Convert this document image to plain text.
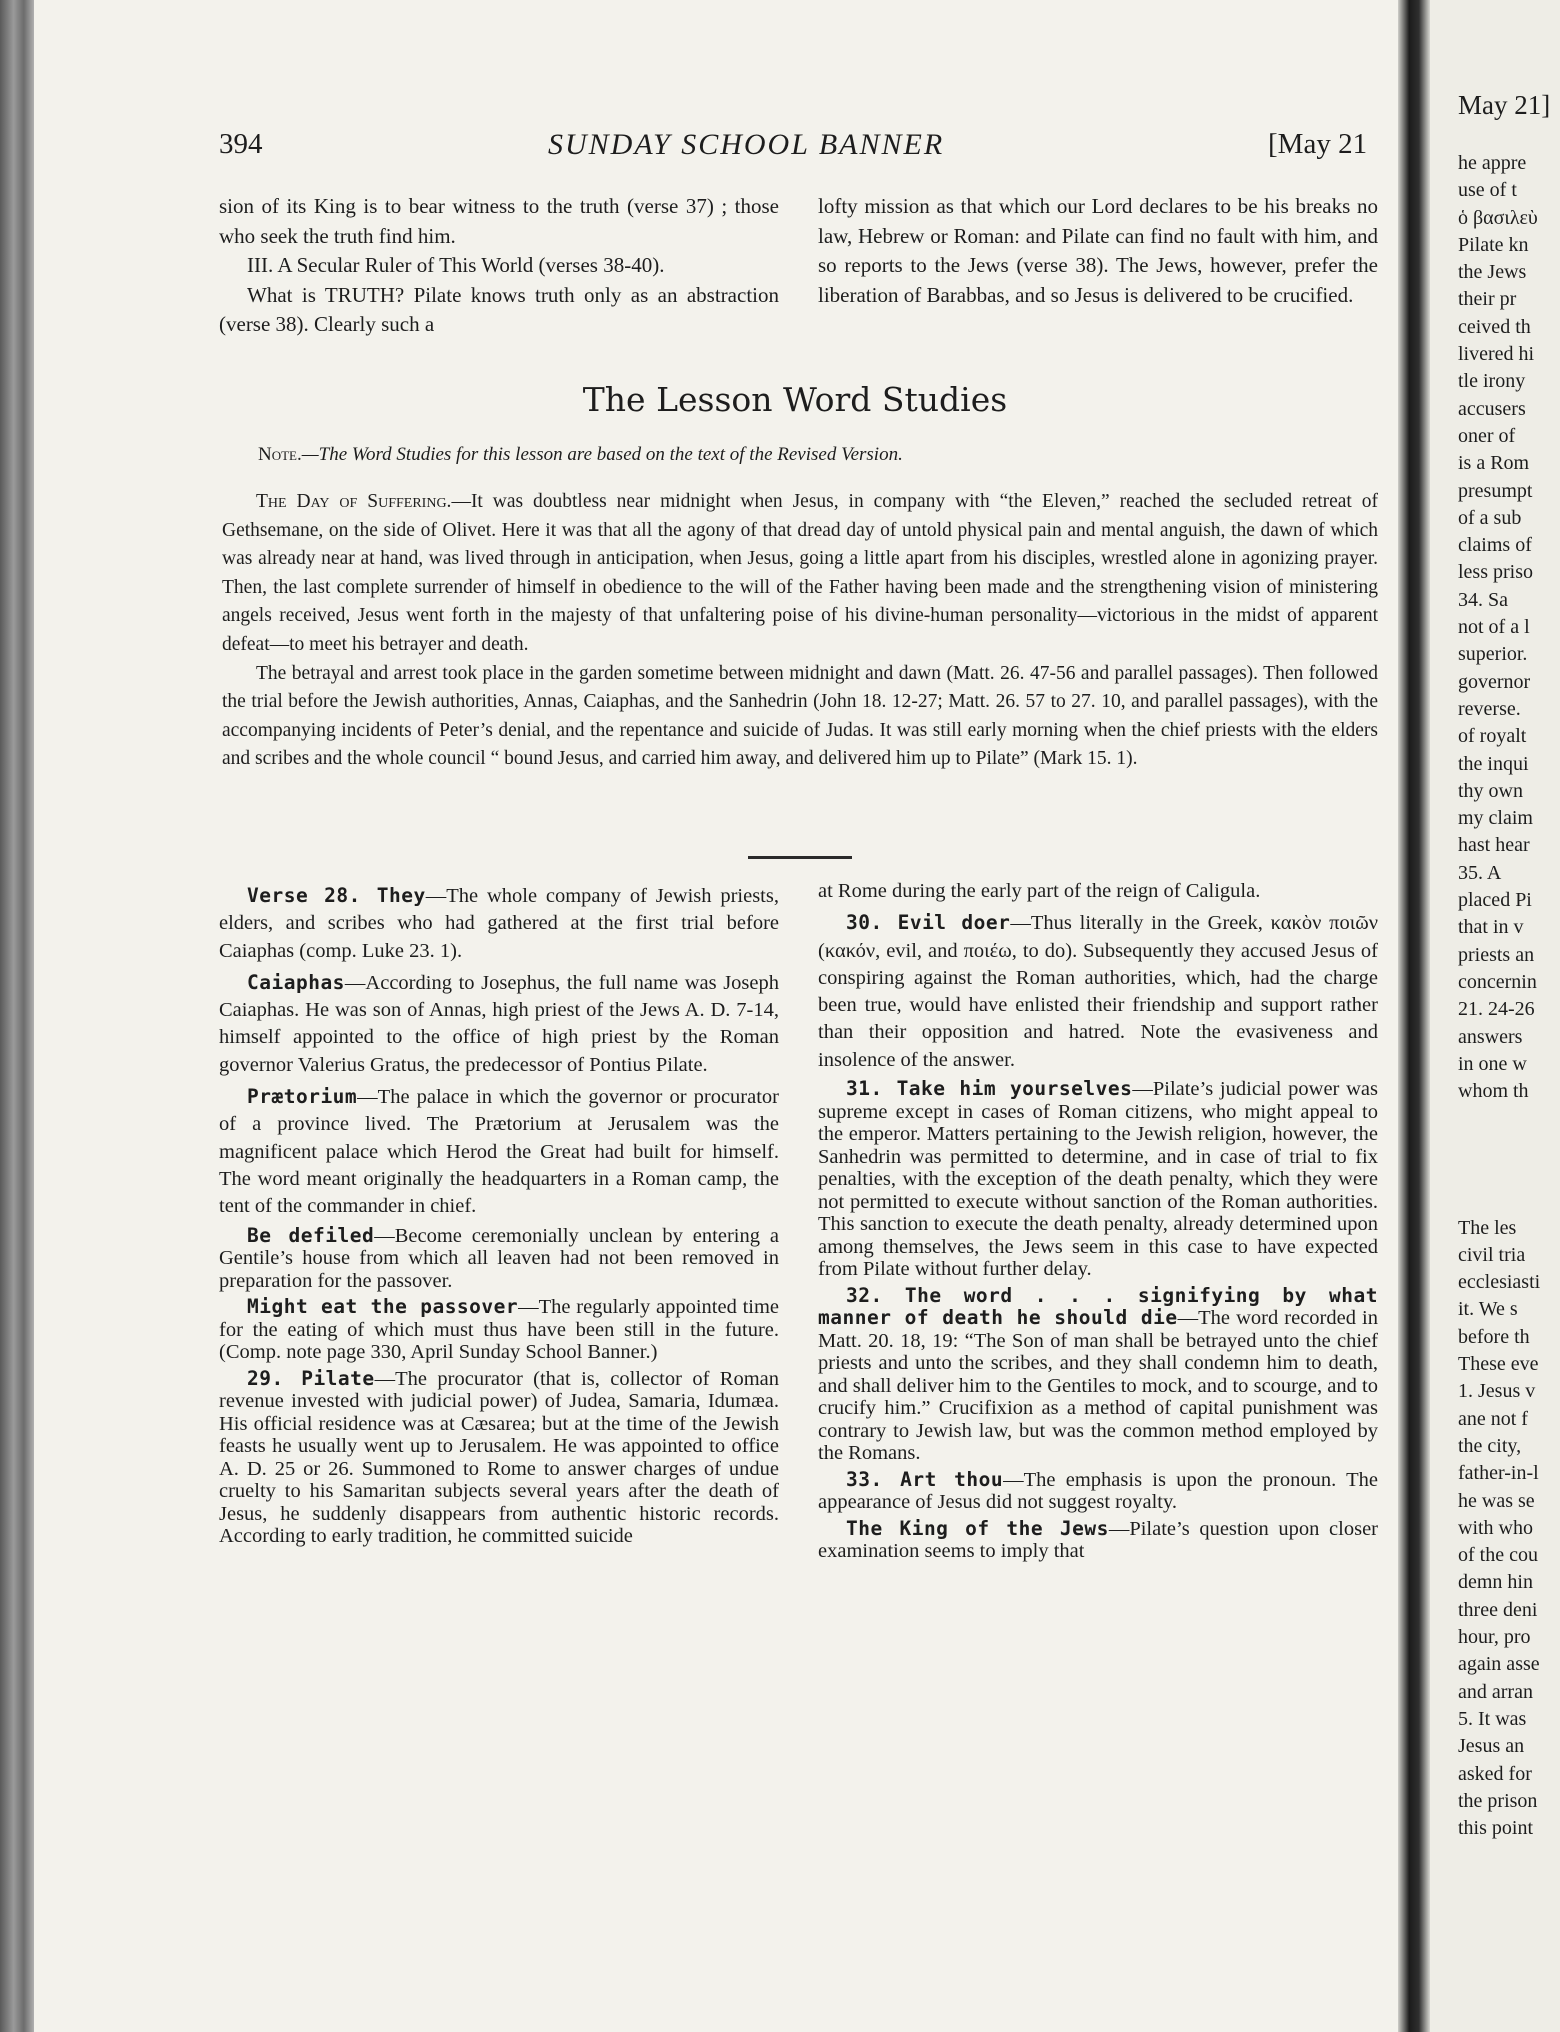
394	SUNDAY SCHOOL BANNER	[May 21

sion of its King is to bear witness to the truth (verse 37) ; those who seek the truth find him.

III. A Secular Ruler of This World (verses 38-40).

What is TRUTH? Pilate knows truth only as an abstraction (verse 38). Clearly such a

lofty mission as that which our Lord declares to be his breaks no law, Hebrew or Roman: and Pilate can find no fault with him, and so reports to the Jews (verse 38). The Jews, however, prefer the liberation of Barabbas, and so Jesus is delivered to be crucified.

The Lesson Word Studies
Note.—The Word Studies for this lesson are based on the text of the Revised Version.

The Day of Suffering.—It was doubtless near midnight when Jesus, in company with “the Eleven,” reached the secluded retreat of Gethsemane, on the side of Olivet. Here it was that all the agony of that dread day of untold physical pain and mental anguish, the dawn of which was already near at hand, was lived through in anticipation, when Jesus, going a little apart from his disciples, wrestled alone in agonizing prayer. Then, the last complete surrender of himself in obedience to the will of the Father having been made and the strengthening vision of ministering angels received, Jesus went forth in the majesty of that unfaltering poise of his divine-human personality—victorious in the midst of apparent defeat—to meet his betrayer and death.

The betrayal and arrest took place in the garden sometime between midnight and dawn (Matt. 26. 47-56 and parallel passages). Then followed the trial before the Jewish authorities, Annas, Caiaphas, and the Sanhedrin (John 18. 12-27; Matt. 26. 57 to 27. 10, and parallel passages), with the accompanying incidents of Peter’s denial, and the repentance and suicide of Judas. It was still early morning when the chief priests with the elders and scribes and the whole council “ bound Jesus, and carried him away, and delivered him up to Pilate” (Mark 15. 1).

Verse 28. They—The whole company of Jewish priests, elders, and scribes who had gathered at the first trial before Caiaphas (comp. Luke 23. 1).

Caiaphas—According to Josephus, the full name was Joseph Caiaphas. He was son of Annas, high priest of the Jews A. D. 7-14, himself appointed to the office of high priest by the Roman governor Valerius Gratus, the predecessor of Pontius Pilate.

Prætorium—The palace in which the governor or procurator of a province lived. The Prætorium at Jerusalem was the magnificent palace which Herod the Great had built for himself. The word meant originally the headquarters in a Roman camp, the tent of the commander in chief.

Be defiled—Become ceremonially unclean by entering a Gentile’s house from which all leaven had not been removed in preparation for the passover.

Might eat the passover—The regularly appointed time for the eating of which must thus have been still in the future. (Comp. note page 330, April Sunday School Banner.)

29. Pilate—The procurator (that is, collector of Roman revenue invested with judicial power) of Judea, Samaria, Idumæa. His official residence was at Cæsarea; but at the time of the Jewish feasts he usually went up to Jerusalem. He was appointed to office A. D. 25 or 26. Summoned to Rome to answer charges of undue cruelty to his Samaritan subjects several years after the death of Jesus, he suddenly disappears from authentic historic records. According to early tradition, he committed suicide

at Rome during the early part of the reign of Caligula.

30. Evil doer—Thus literally in the Greek, κακὸν ποιῶν (κακόν, evil, and ποιέω, to do). Subsequently they accused Jesus of conspiring against the Roman authorities, which, had the charge been true, would have enlisted their friendship and support rather than their opposition and hatred. Note the evasiveness and insolence of the answer.

31. Take him yourselves—Pilate’s judicial power was supreme except in cases of Roman citizens, who might appeal to the emperor. Matters pertaining to the Jewish religion, however, the Sanhedrin was permitted to determine, and in case of trial to fix penalties, with the exception of the death penalty, which they were not permitted to execute without sanction of the Roman authorities. This sanction to execute the death penalty, already determined upon among themselves, the Jews seem in this case to have expected from Pilate without further delay.

32. The word . . . signifying by what manner of death he should die—The word recorded in Matt. 20. 18, 19: “The Son of man shall be betrayed unto the chief priests and unto the scribes, and they shall condemn him to death, and shall deliver him to the Gentiles to mock, and to scourge, and to crucify him.” Crucifixion as a method of capital punishment was contrary to Jewish law, but was the common method employed by the Romans.

33. Art thou—The emphasis is upon the pronoun. The appearance of Jesus did not suggest royalty.

The King of the Jews—Pilate’s question upon closer examination seems to imply that

May 21]
he appre
use of t
ὁ βασιλεὺ
Pilate kn
the Jews
their pr
ceived th
livered hi
tle irony
accusers
oner of
is a Rom
presumpt
of a sub
claims of
less priso
34. Sa
not of a l
superior.
governor
reverse.
of royalt
the inqui
thy own
my claim
hast hear
35. A
placed Pi
that in v
priests an
concernin
21. 24-26
answers
in one w
whom th
The les
civil tria
ecclesiasti
it. We s
before th
These eve
1. Jesus v
ane not f
the city,
father-in-l
he was se
with who
of the cou
demn hin
three deni
hour, pro
again asse
and arran
5. It was
Jesus an
asked for
the prison
this point
